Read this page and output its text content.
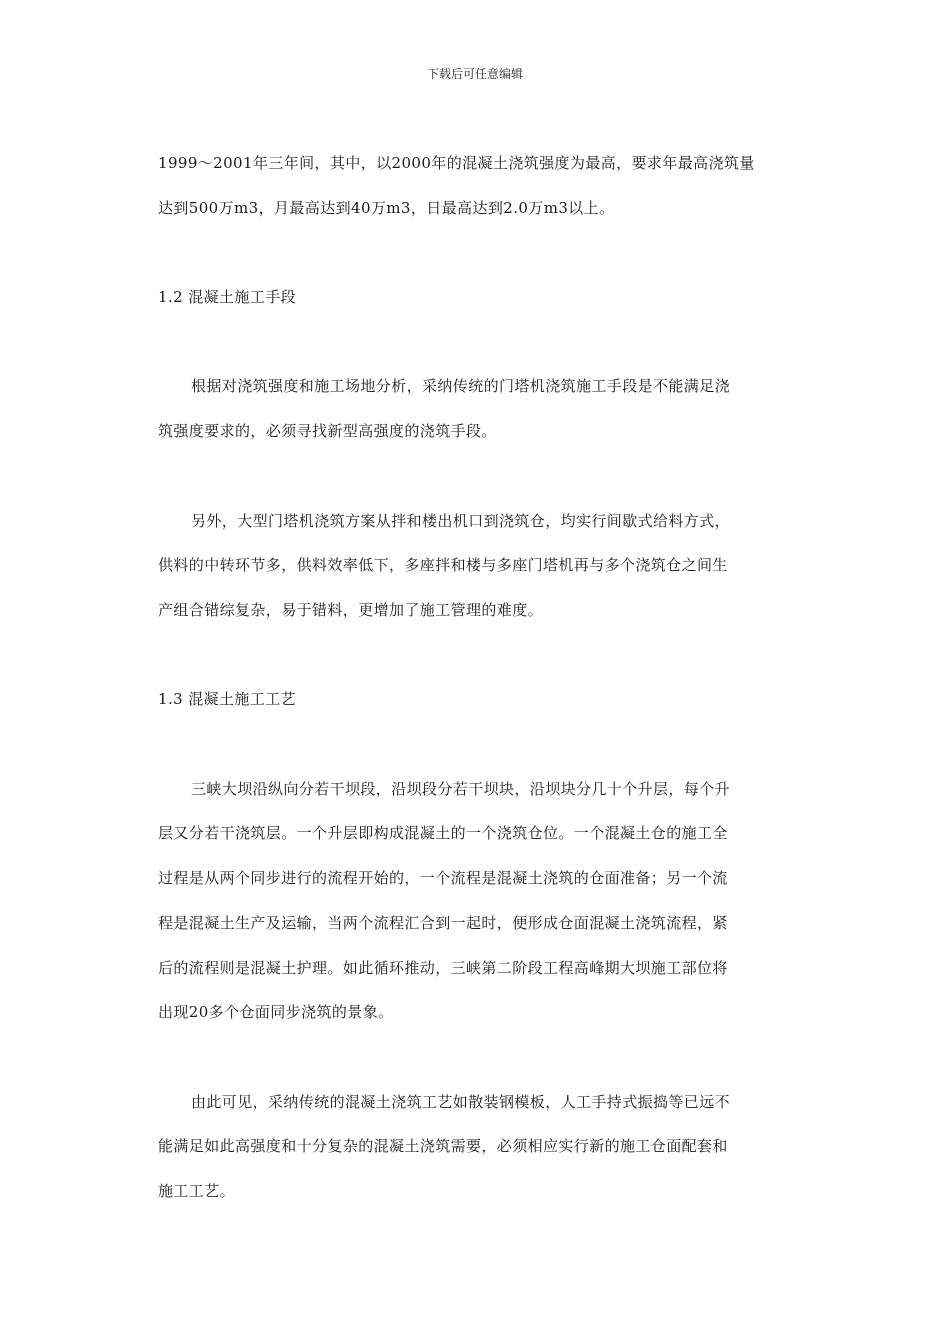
下载后可任意编辑
1999～2001年三年间，其中，以2000年的混凝土浇筑强度为最高，要求年最高浇筑量
达到500万m3，月最高达到40万m3，日最高达到2.0万m3以上。
1.2 混凝土施工手段
根据对浇筑强度和施工场地分析，采纳传统的门塔机浇筑施工手段是不能满足浇
筑强度要求的，必须寻找新型高强度的浇筑手段。
另外，大型门塔机浇筑方案从拌和楼出机口到浇筑仓，均实行间歇式给料方式，
供料的中转环节多，供料效率低下，多座拌和楼与多座门塔机再与多个浇筑仓之间生
产组合错综复杂，易于错料，更增加了施工管理的难度。
1.3 混凝土施工工艺
三峡大坝沿纵向分若干坝段，沿坝段分若干坝块，沿坝块分几十个升层，每个升
层又分若干浇筑层。一个升层即构成混凝土的一个浇筑仓位。一个混凝土仓的施工全
过程是从两个同步进行的流程开始的，一个流程是混凝土浇筑的仓面准备；另一个流
程是混凝土生产及运输，当两个流程汇合到一起时，便形成仓面混凝土浇筑流程，紧
后的流程则是混凝土护理。如此循环推动，三峡第二阶段工程高峰期大坝施工部位将
出现20多个仓面同步浇筑的景象。
由此可见，采纳传统的混凝土浇筑工艺如散装钢模板，人工手持式振捣等已远不
能满足如此高强度和十分复杂的混凝土浇筑需要，必须相应实行新的施工仓面配套和
施工工艺。
